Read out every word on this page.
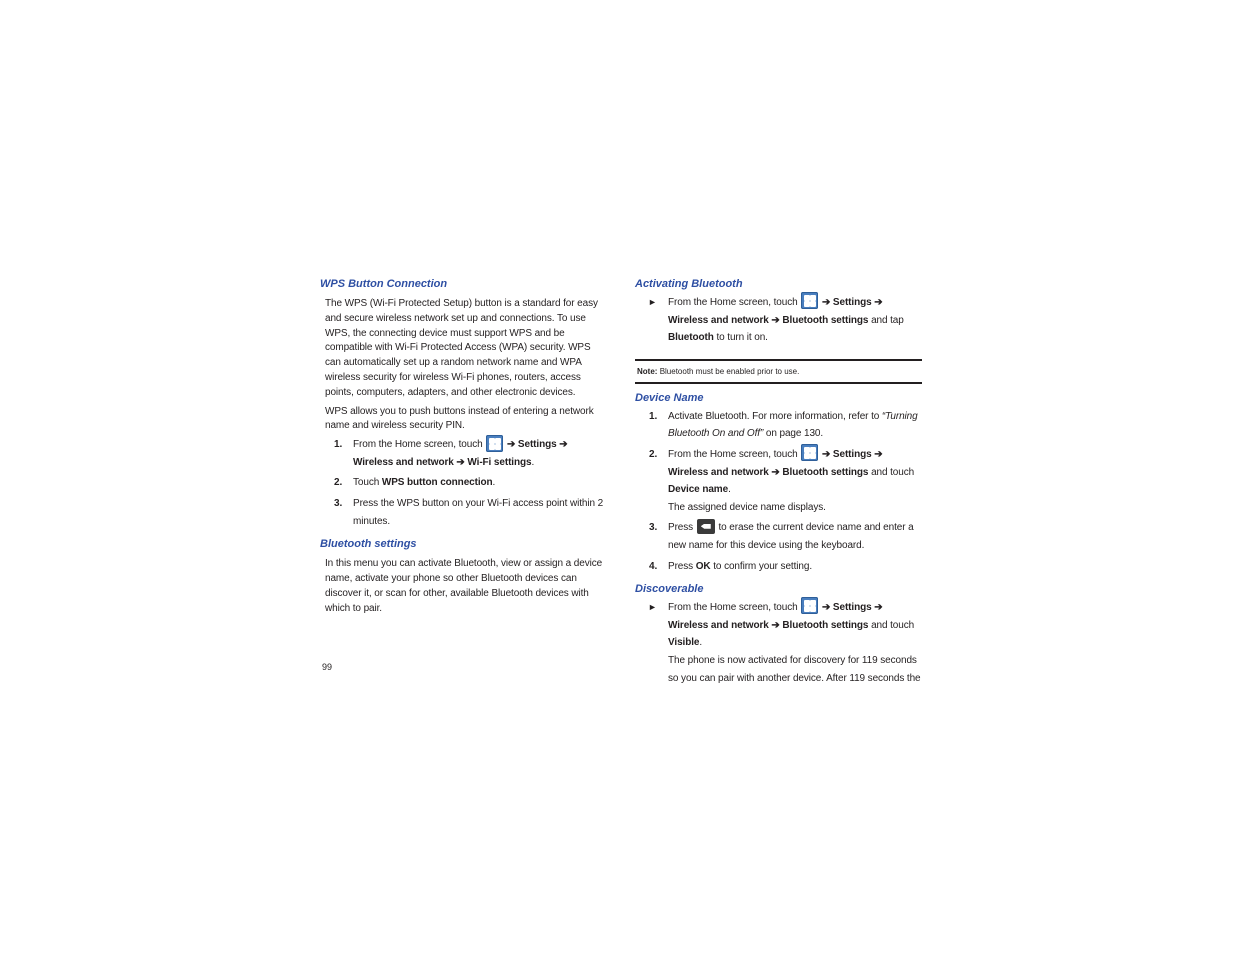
WPS Button Connection

The WPS (Wi-Fi Protected Setup) button is a standard for easy and secure wireless network set up and connections. To use WPS, the connecting device must support WPS and be compatible with Wi-Fi Protected Access (WPA) security. WPS can automatically set up a random network name and WPA wireless security for wireless Wi-Fi phones, routers, access points, computers, adapters, and other electronic devices.

WPS allows you to push buttons instead of entering a network name and wireless security PIN.

1. From the Home screen, touch ➔ Settings ➔ Wireless and network ➔ Wi-Fi settings.
2. Touch WPS button connection.
3. Press the WPS button on your Wi-Fi access point within 2 minutes.
Bluetooth settings

In this menu you can activate Bluetooth, view or assign a device name, activate your phone so other Bluetooth devices can discover it, or scan for other, available Bluetooth devices with which to pair.

Activating Bluetooth
► From the Home screen, touch ➔ Settings ➔ Wireless and network ➔ Bluetooth settings and tap Bluetooth to turn it on.
Note: Bluetooth must be enabled prior to use.
Device Name
1. Activate Bluetooth. For more information, refer to “Turning Bluetooth On and Off” on page 130.
2. From the Home screen, touch ➔ Settings ➔ Wireless and network ➔ Bluetooth settings and touch Device name.
The assigned device name displays.
3. Press	to erase the current device name and enter a new name for this device using the keyboard.
4. Press OK to confirm your setting.
Discoverable
► From the Home screen, touch ➔ Settings ➔ Wireless and network ➔ Bluetooth settings and touch Visible.
The phone is now activated for discovery for 119 seconds so you can pair with another device. After 119 seconds the
99
